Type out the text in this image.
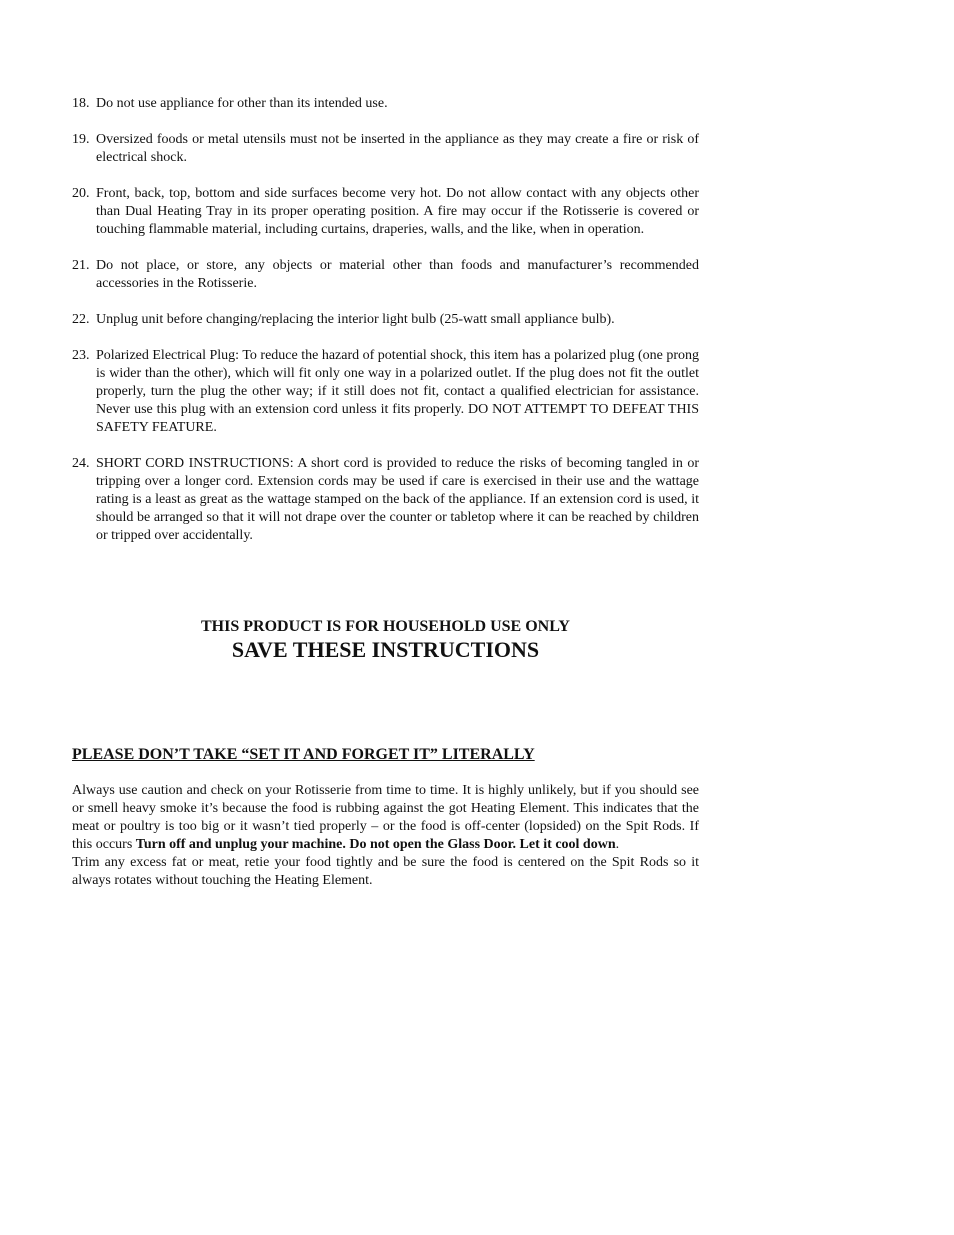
18. Do not use appliance for other than its intended use.
19. Oversized foods or metal utensils must not be inserted in the appliance as they may create a fire or risk of electrical shock.
20. Front, back, top, bottom and side surfaces become very hot. Do not allow contact with any objects other than Dual Heating Tray in its proper operating position. A fire may occur if the Rotisserie is covered or touching flammable material, including curtains, draperies, walls, and the like, when in operation.
21. Do not place, or store, any objects or material other than foods and manufacturer’s recommended accessories in the Rotisserie.
22. Unplug unit before changing/replacing the interior light bulb (25-watt small appliance bulb).
23. Polarized Electrical Plug: To reduce the hazard of potential shock, this item has a polarized plug (one prong is wider than the other), which will fit only one way in a polarized outlet. If the plug does not fit the outlet properly, turn the plug the other way; if it still does not fit, contact a qualified electrician for assistance. Never use this plug with an extension cord unless it fits properly. DO NOT ATTEMPT TO DEFEAT THIS SAFETY FEATURE.
24. SHORT CORD INSTRUCTIONS: A short cord is provided to reduce the risks of becoming tangled in or tripping over a longer cord. Extension cords may be used if care is exercised in their use and the wattage rating is a least as great as the wattage stamped on the back of the appliance. If an extension cord is used, it should be arranged so that it will not drape over the counter or tabletop where it can be reached by children or tripped over accidentally.
THIS PRODUCT IS FOR HOUSEHOLD USE ONLY
SAVE THESE INSTRUCTIONS
PLEASE DON’T TAKE “SET IT AND FORGET IT” LITERALLY
Always use caution and check on your Rotisserie from time to time. It is highly unlikely, but if you should see or smell heavy smoke it’s because the food is rubbing against the got Heating Element. This indicates that the meat or poultry is too big or it wasn’t tied properly – or the food is off-center (lopsided) on the Spit Rods. If this occurs Turn off and unplug your machine. Do not open the Glass Door. Let it cool down.
Trim any excess fat or meat, retie your food tightly and be sure the food is centered on the Spit Rods so it always rotates without touching the Heating Element.
